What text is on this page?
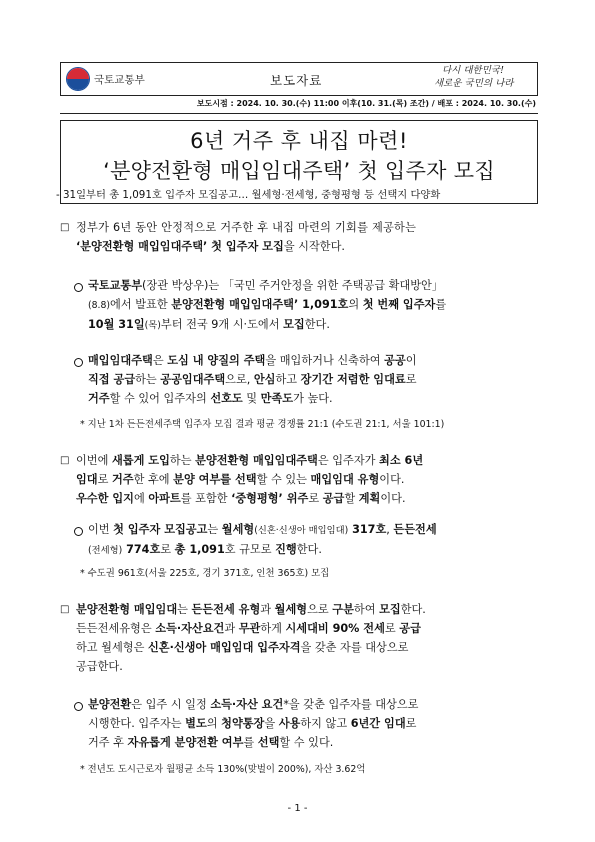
국토교통부	보도자료
다시 대한민국!
새로운 국민의 나라
보도시점 : 2024. 10. 30.(수) 11:00 이후(10. 31.(목) 조간) / 배포 : 2024. 10. 30.(수)
6년 거주 후 내집 마련!
‘분양전환형 매입임대주택’ 첫 입주자 모집
- 31일부터 총 1,091호 입주자 모집공고… 월세형·전세형, 중형평형 등 선택지 다양화
□ 정부가 6년 동안 안정적으로 거주한 후 내집 마련의 기회를 제공하는
‘분양전환형 매입임대주택’ 첫 입주자 모집을 시작한다.
국토교통부(장관 박상우)는 「국민 주거안정을 위한 주택공급 확대방안」
(8.8)에서 발표한 분양전환형 매입임대주택’ 1,091호의 첫 번째 입주자를
10월 31일(목)부터 전국 9개 시·도에서 모집한다.
매입임대주택은 도심 내 양질의 주택을 매입하거나 신축하여 공공이
직접 공급하는 공공임대주택으로, 안심하고 장기간 저렴한 임대료로
거주할 수 있어 입주자의 선호도 및 만족도가 높다.
* 지난 1차 든든전세주택 입주자 모집 결과 평균 경쟁률 21:1 (수도권 21:1, 서울 101:1)
□ 이번에 새롭게 도입하는 분양전환형 매입임대주택은 입주자가 최소 6년
임대로 거주한 후에 분양 여부를 선택할 수 있는 매입임대 유형이다.
우수한 입지에 아파트를 포함한 ‘중형평형’ 위주로 공급할 계획이다.
이번 첫 입주자 모집공고는 월세형(신혼·신생아 매입임대) 317호, 든든전세
(전세형) 774호로 총 1,091호 규모로 진행한다.
* 수도권 961호(서울 225호, 경기 371호, 인천 365호) 모집
□ 분양전환형 매입임대는 든든전세 유형과 월세형으로 구분하여 모집한다.
든든전세유형은 소득·자산요건과 무관하게 시세대비 90% 전세로 공급
하고 월세형은 신혼·신생아 매입임대 입주자격을 갖춘 자를 대상으로
공급한다.
분양전환은 입주 시 일정 소득·자산 요건*을 갖춘 입주자를 대상으로
시행한다. 입주자는 별도의 청약통장을 사용하지 않고 6년간 임대로
거주 후 자유롭게 분양전환 여부를 선택할 수 있다.
* 전년도 도시근로자 월평균 소득 130%(맞벌이 200%), 자산 3.62억
- 1 -
